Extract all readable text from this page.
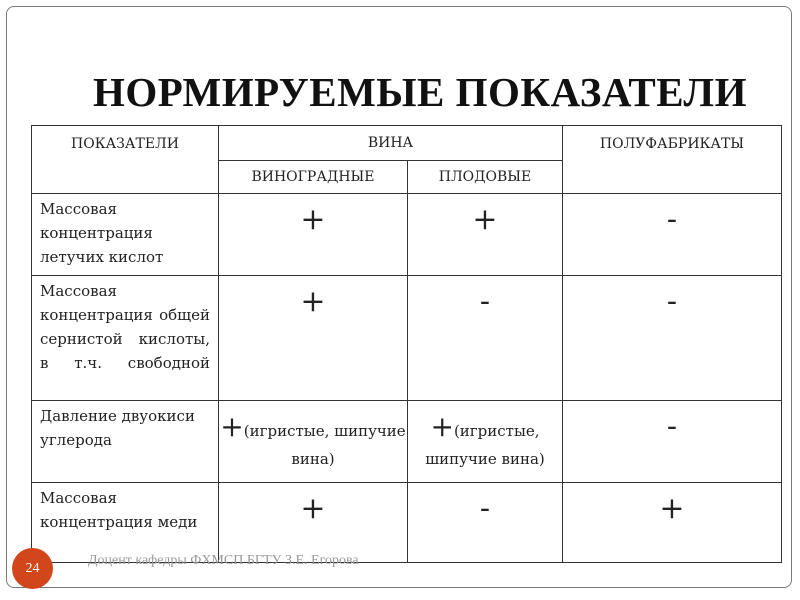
НОРМИРУЕМЫЕ ПОКАЗАТЕЛИ
ПОКАЗАТЕЛИ	ВИНА		ПОЛУФАБРИКАТЫ
	ВИНОГРАДНЫЕ	ПЛОДОВЫЕ	
Массовая концентрация летучих кислот	+	+	-
Массовая концентрация общей сернистой кислоты, в т.ч. свободной	+	-	-
Давление двуокиси углерода	+(игристые, шипучие вина)	+(игристые, шипучие вина)	-
Массовая концентрация меди	+	-	+
24
Доцент кафедры ФХМСП БГТУ З.Е. Егорова
